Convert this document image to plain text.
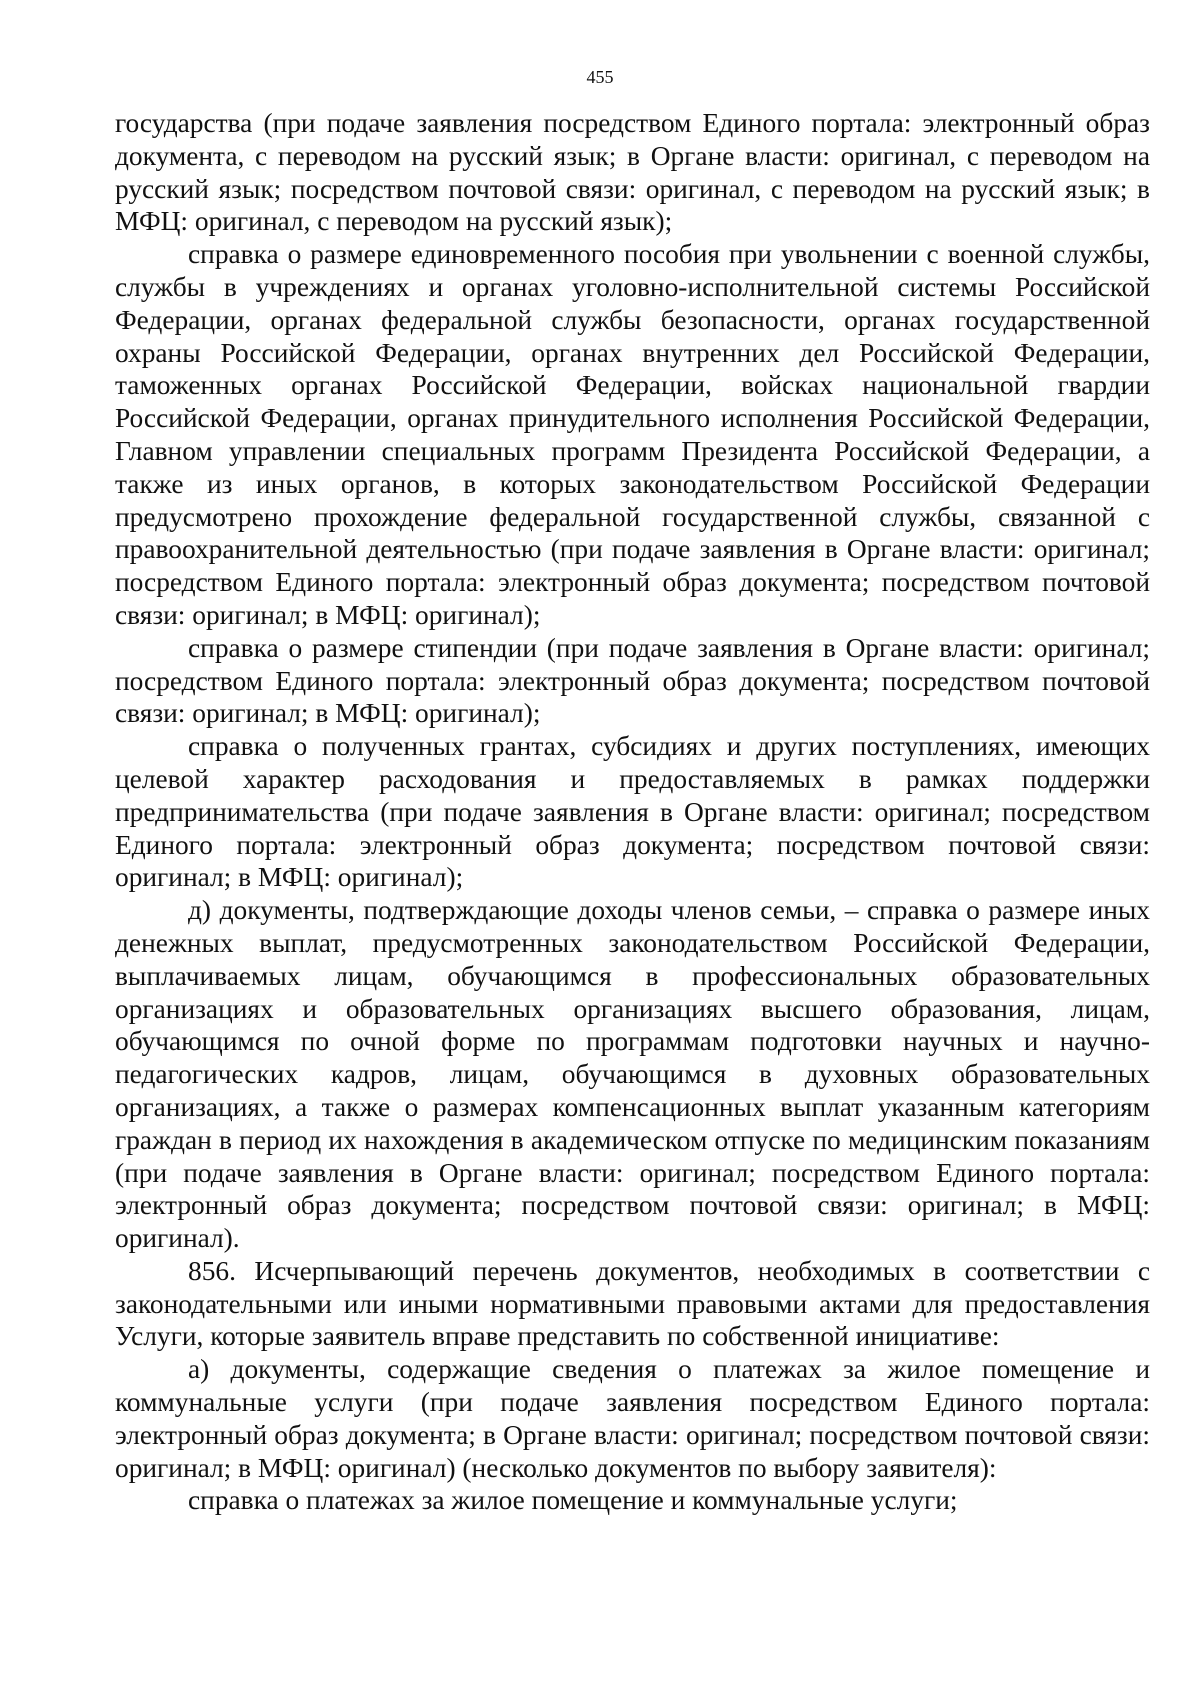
455

государства (при подаче заявления посредством Единого портала: электронный образ документа, с переводом на русский язык; в Органе власти: оригинал, с переводом на русский язык; посредством почтовой связи: оригинал, с переводом на русский язык; в МФЦ: оригинал, с переводом на русский язык);

справка о размере единовременного пособия при увольнении с военной службы, службы в учреждениях и органах уголовно-исполнительной системы Российской Федерации, органах федеральной службы безопасности, органах государственной охраны Российской Федерации, органах внутренних дел Российской Федерации, таможенных органах Российской Федерации, войсках национальной гвардии Российской Федерации, органах принудительного исполнения Российской Федерации, Главном управлении специальных программ Президента Российской Федерации, а также из иных органов, в которых законодательством Российской Федерации предусмотрено прохождение федеральной государственной службы, связанной с правоохранительной деятельностью (при подаче заявления в Органе власти: оригинал; посредством Единого портала: электронный образ документа; посредством почтовой связи: оригинал; в МФЦ: оригинал);

справка о размере стипендии (при подаче заявления в Органе власти: оригинал; посредством Единого портала: электронный образ документа; посредством почтовой связи: оригинал; в МФЦ: оригинал);

справка о полученных грантах, субсидиях и других поступлениях, имеющих целевой характер расходования и предоставляемых в рамках поддержки предпринимательства (при подаче заявления в Органе власти: оригинал; посредством Единого портала: электронный образ документа; посредством почтовой связи: оригинал; в МФЦ: оригинал);

д) документы, подтверждающие доходы членов семьи, – справка о размере иных денежных выплат, предусмотренных законодательством Российской Федерации, выплачиваемых лицам, обучающимся в профессиональных образовательных организациях и образовательных организациях высшего образования, лицам, обучающимся по очной форме по программам подготовки научных и научно-педагогических кадров, лицам, обучающимся в духовных образовательных организациях, а также о размерах компенсационных выплат указанным категориям граждан в период их нахождения в академическом отпуске по медицинским показаниям (при подаче заявления в Органе власти: оригинал; посредством Единого портала: электронный образ документа; посредством почтовой связи: оригинал; в МФЦ: оригинал).

856. Исчерпывающий перечень документов, необходимых в соответствии с законодательными или иными нормативными правовыми актами для предоставления Услуги, которые заявитель вправе представить по собственной инициативе:

а) документы, содержащие сведения о платежах за жилое помещение и коммунальные услуги (при подаче заявления посредством Единого портала: электронный образ документа; в Органе власти: оригинал; посредством почтовой связи: оригинал; в МФЦ: оригинал) (несколько документов по выбору заявителя):

справка о платежах за жилое помещение и коммунальные услуги;
